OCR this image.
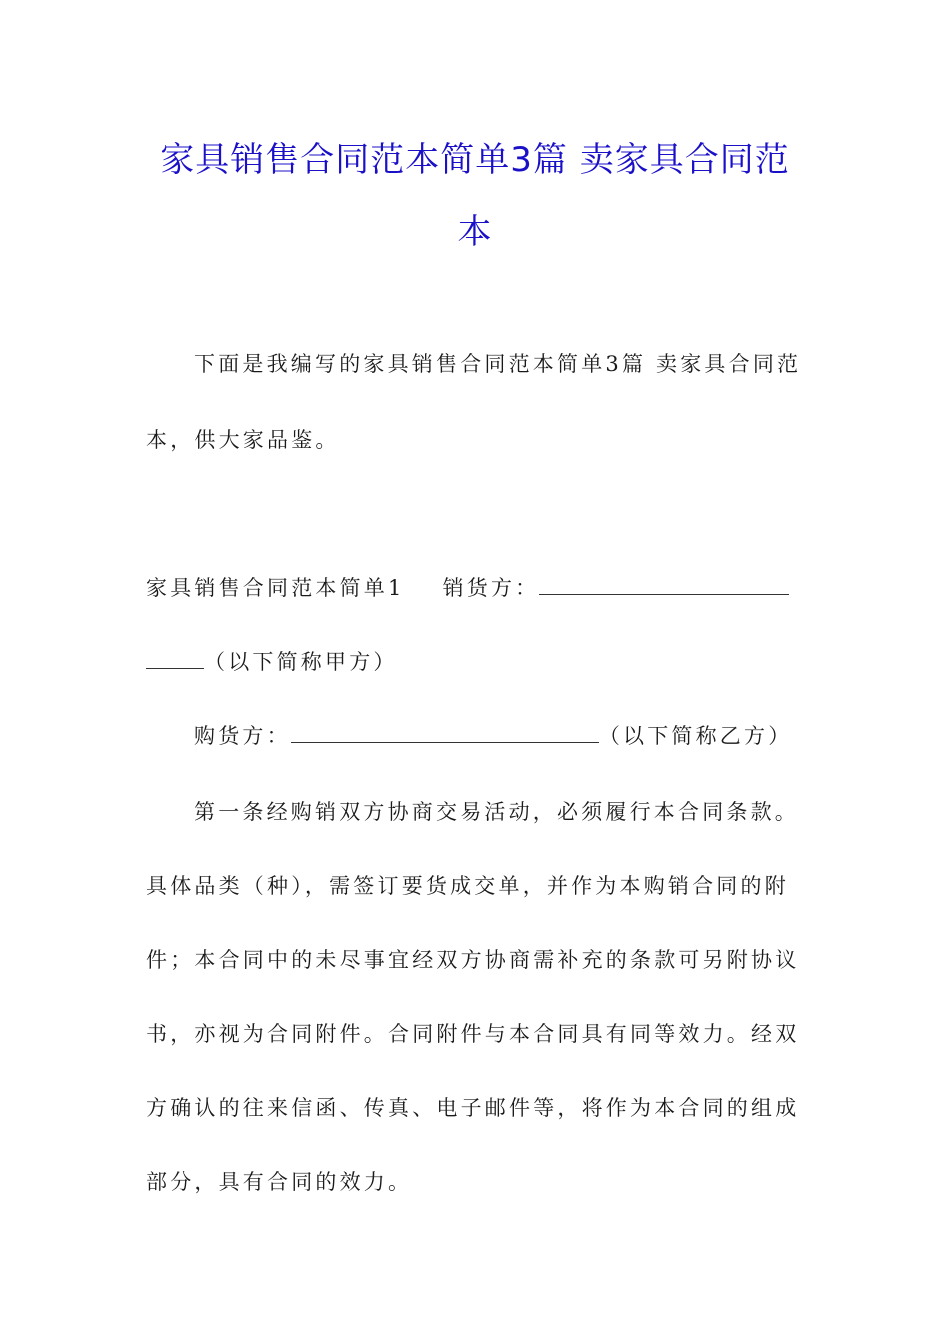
家具销售合同范本简单3篇 卖家具合同范
本
下面是我编写的家具销售合同范本简单3篇 卖家具合同范
本，供大家品鉴。
家具销售合同范本简单1 销货方：
（以下简称甲方）
购货方：	（以下简称乙方）
第一条经购销双方协商交易活动，必须履行本合同条款。
具体品类（种），需签订要货成交单，并作为本购销合同的附
件；本合同中的未尽事宜经双方协商需补充的条款可另附协议
书，亦视为合同附件。合同附件与本合同具有同等效力。经双
方确认的往来信函、传真、电子邮件等，将作为本合同的组成
部分，具有合同的效力。
